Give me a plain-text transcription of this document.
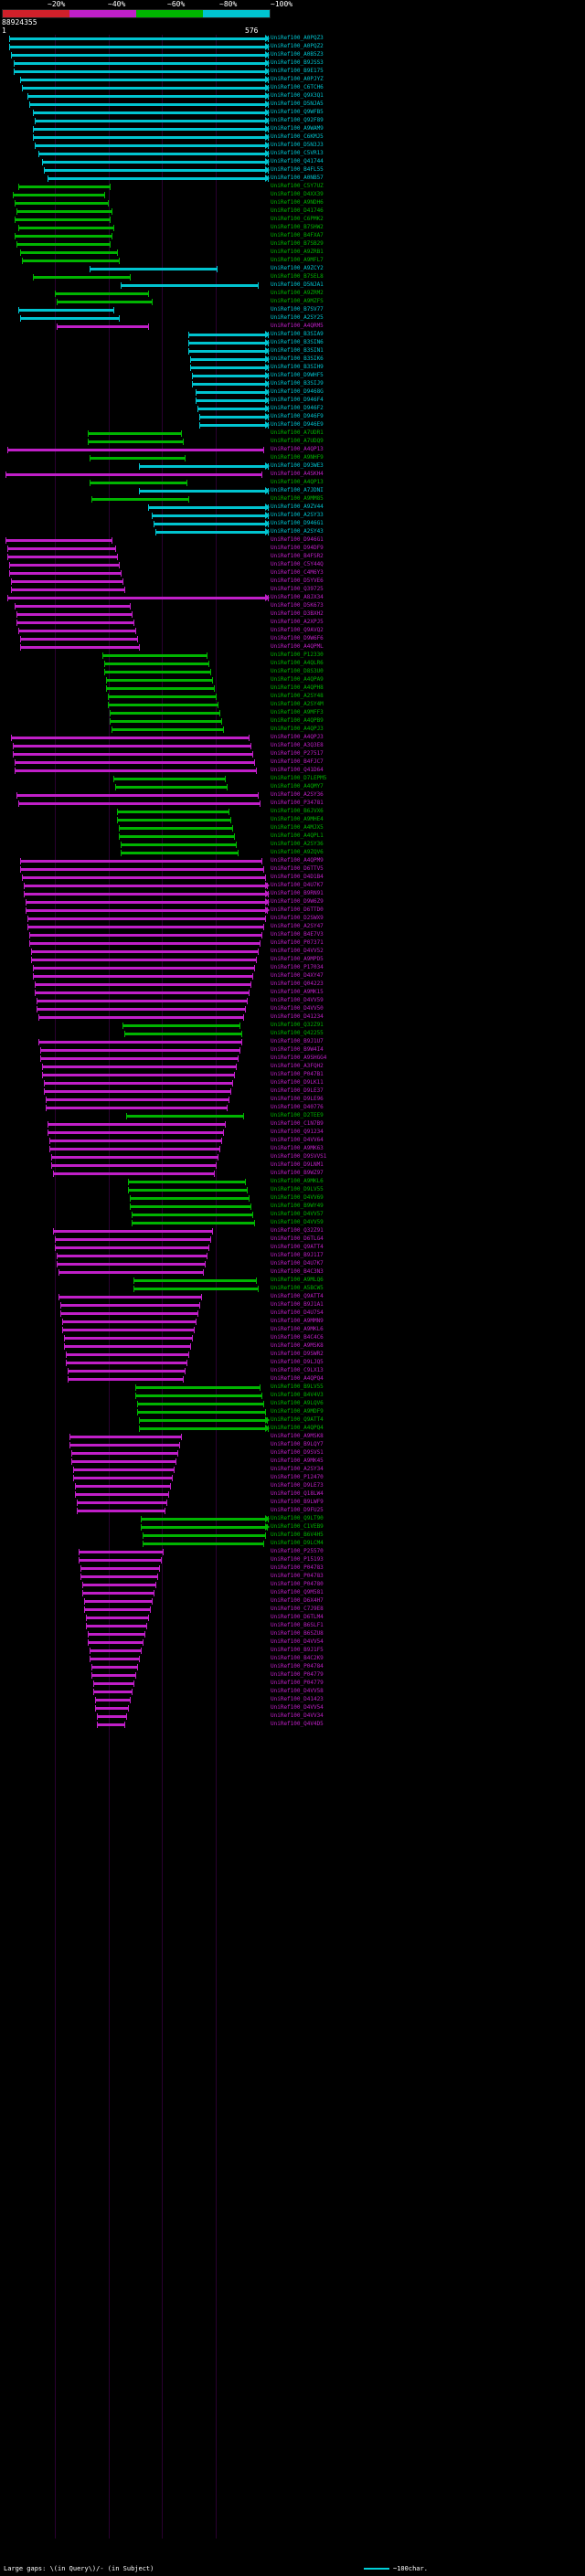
~20%	~40%	~60%	~80%	~100%
88924355
1	576
UniRef100_A0PQZ3
UniRef100_A0PQZ2
UniRef100_A0B5Z3
UniRef100_B9JSS3
UniRef100_B9E175
UniRef100_A0PJYZ
UniRef100_C6TCH6
UniRef100_Q9X3Q1
UniRef100_D5NJA5
UniRef100_Q9WFB5
UniRef100_Q92F89
UniRef100_A9WAM9
UniRef100_C6KMJ5
UniRef100_D5N3J3
UniRef100_C5VR13
UniRef100_Q41744
UniRef100_B4FL55
UniRef100_A0NB57
UniRef100_C5Y7UZ
UniRef100_D4XX39
UniRef100_A9NDH6
UniRef100_D41746
UniRef100_C6PMK2
UniRef100_B7SHW2
UniRef100_B4FXA7
UniRef100_B7SB29
UniRef100_A9ZRB1
UniRef100_A9MFL7
UniRef100_A9ZCY2
UniRef100_B7SEL8
UniRef100_D5NJA1
UniRef100_A9ZRM2
UniRef100_A9MZFS
UniRef100_B7SV77
UniRef100_A2SY25
UniRef100_A4QRM5
UniRef100_B3SIA9
UniRef100_B3SIN6
UniRef100_B3SIN1
UniRef100_B3SIK6
UniRef100_B3SIH9
UniRef100_D9WHF5
UniRef100_B3SIJ9
UniRef100_D9468G
UniRef100_D946F4
UniRef100_D946F2
UniRef100_D946F9
UniRef100_D946E9
UniRef100_A7UDR1
UniRef100_A7UDQ9
UniRef100_A4QP13
UniRef100_A9NHF9
UniRef100_D93WE3
UniRef100_A4SKH4
UniRef100_A4QP13
UniRef100_A7JDNI
UniRef100_A9MM85
UniRef100_A9ZV44
UniRef100_A2SY33
UniRef100_D946G1
UniRef100_A2SY43
UniRef100_D946G1
UniRef100_D94DF9
UniRef100_B4FSR2
UniRef100_C5Y44Q
UniRef100_C4M6Y3
UniRef100_D5YVE6
UniRef100_Q39725
UniRef100_A8JX34
UniRef100_D5K673
UniRef100_D3BXH2
UniRef100_A2XPJ5
UniRef100_Q9AVQ2
UniRef100_D9W6F6
UniRef100_A4QPML
UniRef100_P12330
UniRef100_A4QLR6
UniRef100_D8S3U0
UniRef100_A4QPA9
UniRef100_A4QPH8
UniRef100_A2SY48
UniRef100_A2SY4M
UniRef100_A9MFF3
UniRef100_A4QPB9
UniRef100_A4QPJ3
UniRef100_A4QPJ3
UniRef100_A3Q3E8
UniRef100_P27517
UniRef100_B4FJC7
UniRef100_Q41D64
UniRef100_D7LEPM5
UniRef100_A4QMY7
UniRef100_A2SY36
UniRef100_P34781
UniRef100_B6JVX6
UniRef100_A9MHE4
UniRef100_A4MJX5
UniRef100_A4QPL1
UniRef100_A2SY36
UniRef100_A9ZQV6
UniRef100_A4QPM9
UniRef100_D6TTV5
UniRef100_D4D1B4
UniRef100_D4U7K7
UniRef100_B9RN91
UniRef100_D9W6Z9
UniRef100_D6TTD0
UniRef100_D2SWX9
UniRef100_A2SY47
UniRef100_B4E7V3
UniRef100_P07371
UniRef100_D4VV52
UniRef100_A9MPD5
UniRef100_P17034
UniRef100_D4XY47
UniRef100_Q04223
UniRef100_A9MK15
UniRef100_D4VV59
UniRef100_D4VV50
UniRef100_D41234
UniRef100_Q32Z91
UniRef100_Q42255
UniRef100_B9J1U7
UniRef100_B9W4I4
UniRef100_A9SHGG4
UniRef100_A3FQH2
UniRef100_P047B1
UniRef100_D9LK11
UniRef100_D9LE37
UniRef100_D9LE96
UniRef100_D40776
UniRef100_D2TEE9
UniRef100_C1N7B9
UniRef100_Q91234
UniRef100_D4VV64
UniRef100_A9MK63
UniRef100_D9SVVS1
UniRef100_D9LNM1
UniRef100_B9WZ97
UniRef100_A9MKL6
UniRef100_D9LV55
UniRef100_D4VV69
UniRef100_B9WY49
UniRef100_D4VV57
UniRef100_D4VV59
UniRef100_Q32Z91
UniRef100_D6TLG4
UniRef100_Q9ATT4
UniRef100_B9J1I7
UniRef100_D4U7K7
UniRef100_B4C3N3
UniRef100_A9MLQ6
UniRef100_A5BCW5
UniRef100_Q9ATT4
UniRef100_B9J1A1
UniRef100_D4U7S4
UniRef100_A9MMN9
UniRef100_A9MKL6
UniRef100_B4C4C6
UniRef100_A9MSK8
UniRef100_D9SWR2
UniRef100_D9LJQ5
UniRef100_C9LX13
UniRef100_A4QPQ4
UniRef100_B9LV55
UniRef100_B4V4V3
UniRef100_A9LQV6
UniRef100_A9MDF9
UniRef100_Q9ATT4
UniRef100_A4QPQ4
UniRef100_A9MSK8
UniRef100_B9LQY7
UniRef100_D9SVS1
UniRef100_A9MK45
UniRef100_A2SY34
UniRef100_P12470
UniRef100_D9LE73
UniRef100_Q18LW4
UniRef100_B9LWF9
UniRef100_D9FU25
UniRef100_Q9LT90
UniRef100_C1VEB9
UniRef100_B6V4H5
UniRef100_D9LCM4
UniRef100_P25570
UniRef100_P15193
UniRef100_P04783
UniRef100_P04783
UniRef100_P04780
UniRef100_Q9M581
UniRef100_D6X4H7
UniRef100_C7J9E8
UniRef100_D6TLM4
UniRef100_B6SLF1
UniRef100_B6SZU8
UniRef100_D4VV54
UniRef100_B9J1F5
UniRef100_B4C2K9
UniRef100_P04784
UniRef100_P04779
UniRef100_P04779
UniRef100_D4VV58
UniRef100_D41423
UniRef100_D4VV54
UniRef100_D4VV34
UniRef100_Q4V4D5
Large gaps: \(in Query\)/- (in Subject)	~100char.
